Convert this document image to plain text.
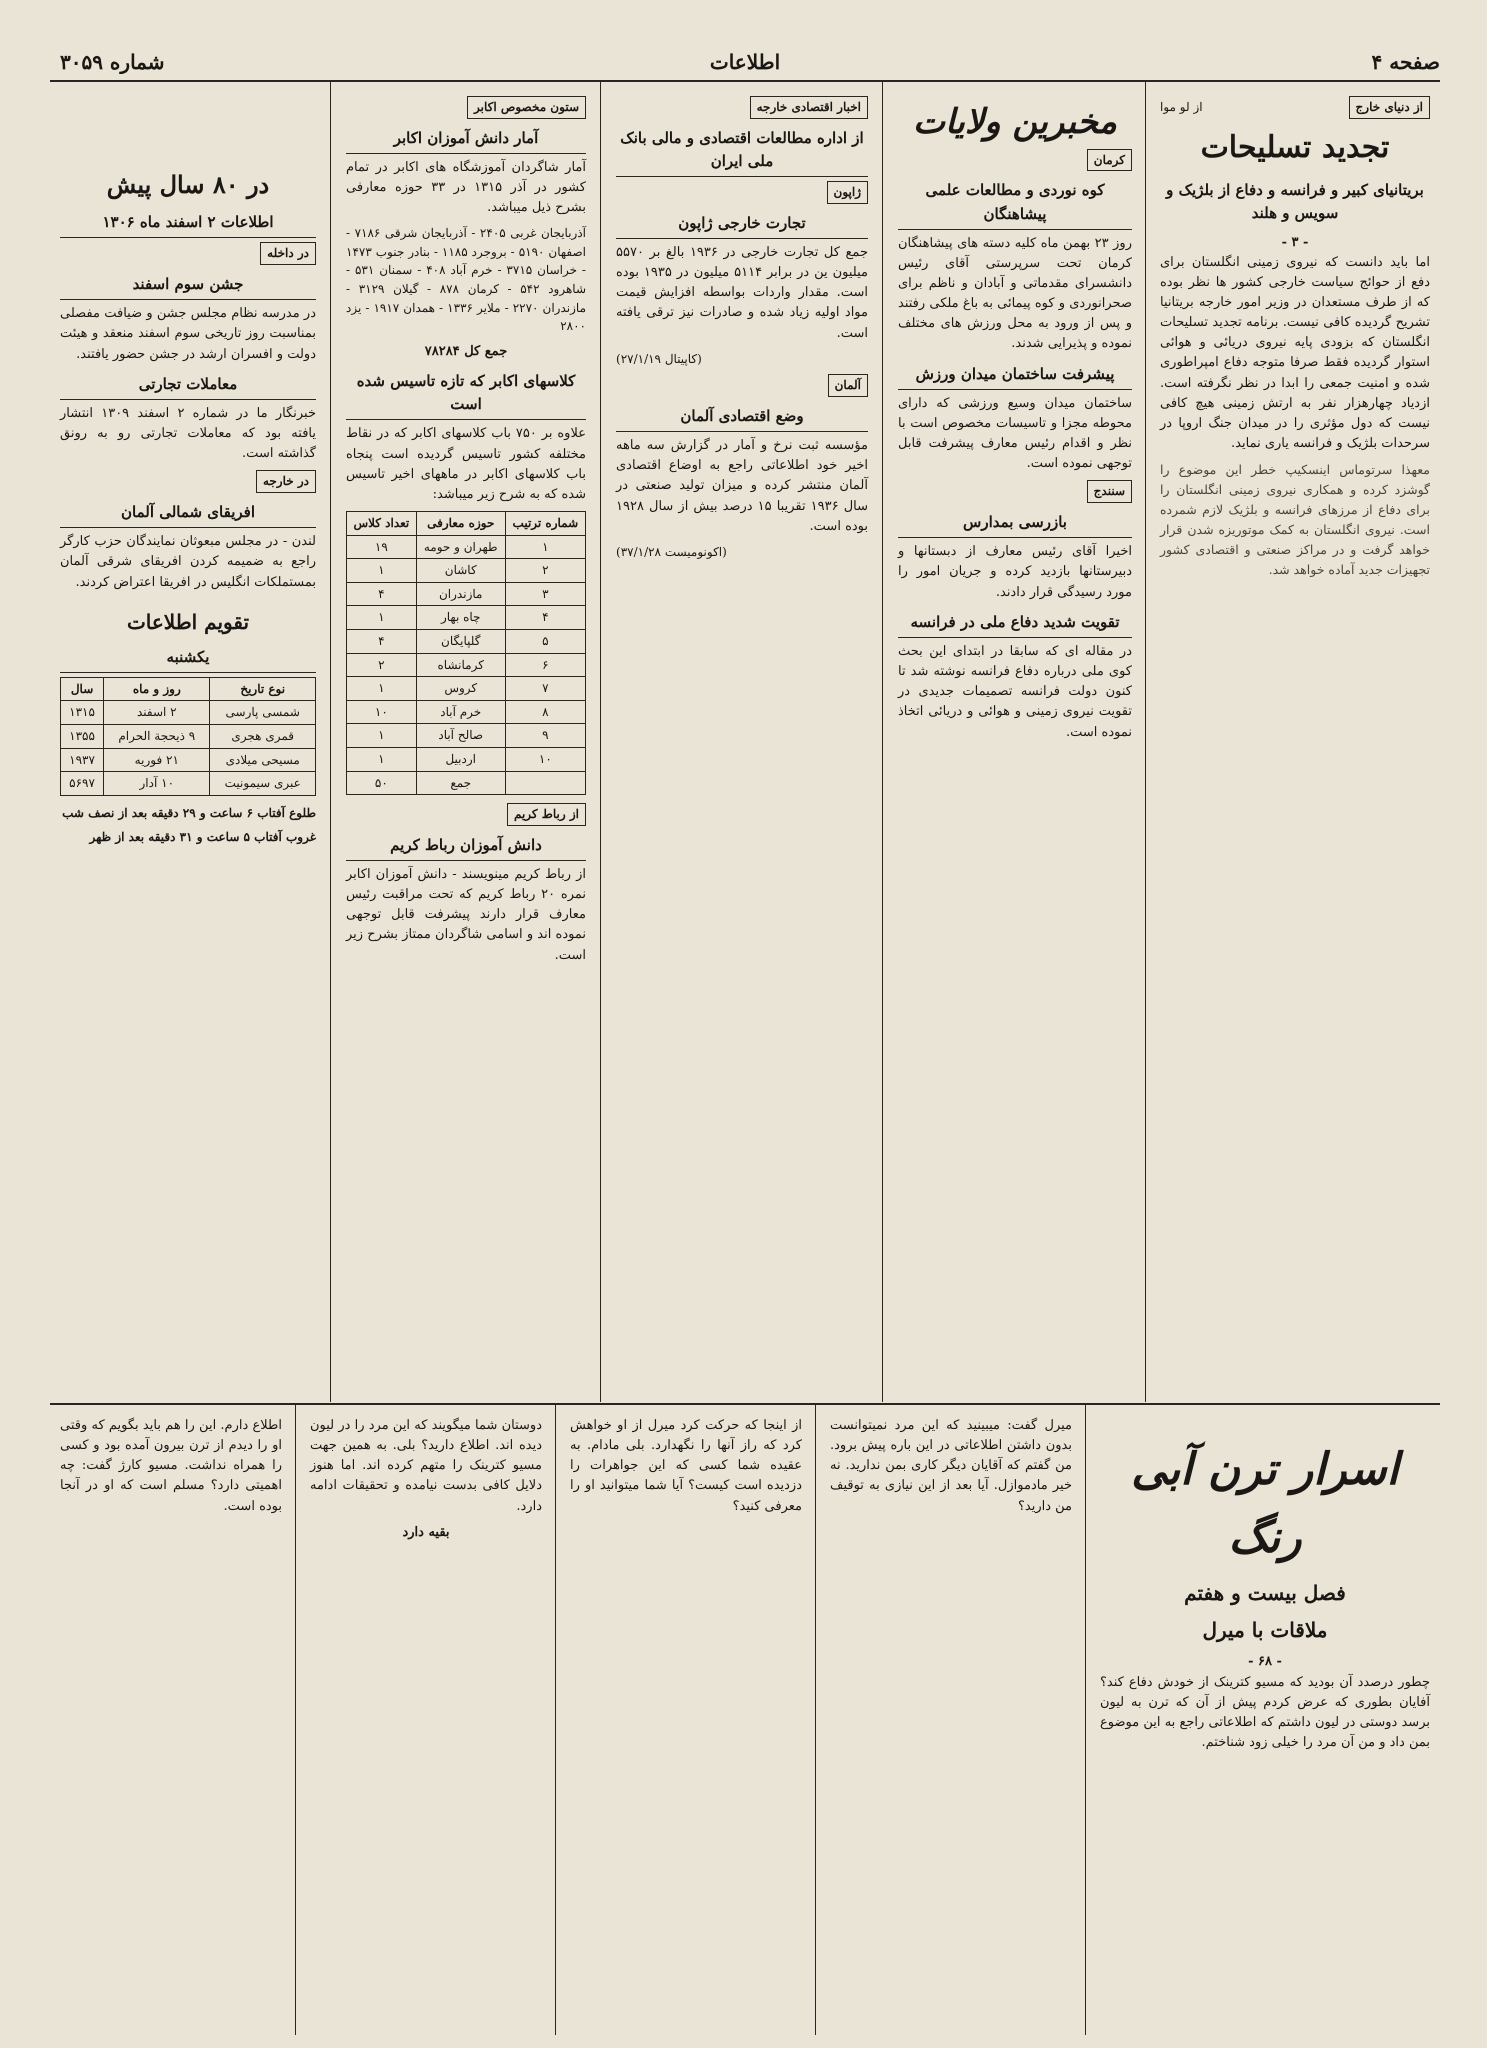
صفحه ۴
اطلاعات
شماره ۳۰۵۹
از دنیای خارج
از لو موا
تجدید تسلیحات
بریتانیای کبیر و فرانسه و دفاع از بلژیک و سویس و هلند
- ۳ -

اما باید دانست که نیروی زمینی انگلستان برای دفع از حوائج سیاست خارجی کشور ها نظر بوده که از طرف مستعدان در وزیر امور خارجه بریتانیا تشریح گردیده کافی نیست. برنامه تجدید تسلیحات انگلستان که بزودی پایه نیروی دریائی و هوائی استوار گردیده فقط صرفا متوجه دفاع امپراطوری شده و امنیت جمعی را ابدا در نظر نگرفته است. ازدیاد چهارهزار نفر به ارتش زمینی هیچ کافی نیست که دول مؤثری را در میدان جنگ اروپا در سرحدات بلژیک و فرانسه یاری نماید.

معهذا سرتوماس اینسکیپ خطر این موضوع را گوشزد کرده و همکاری نیروی زمینی انگلستان را برای دفاع از مرزهای فرانسه و بلژیک لازم شمرده است. نیروی انگلستان به کمک موتوریزه شدن قرار خواهد گرفت و در مراکز صنعتی و اقتصادی کشور تجهیزات جدید آماده خواهد شد.

مخبرین ولایات
کرمان
کوه نوردی و مطالعات علمی پیشاهنگان

روز ۲۳ بهمن ماه کلیه دسته های پیشاهنگان کرمان تحت سرپرستی آقای رئیس دانشسرای مقدماتی و آبادان و ناظم برای صحرانوردی و کوه پیمائی به باغ ملکی رفتند و پس از ورود به محل ورزش های مختلف نموده و پذیرایی شدند.

پیشرفت ساختمان میدان ورزش

ساختمان میدان وسیع ورزشی که دارای محوطه مجزا و تاسیسات مخصوص است با نظر و اقدام رئیس معارف پیشرفت قابل توجهی نموده است.

سنندج
بازرسی بمدارس

اخیرا آقای رئیس معارف از دبستانها و دبیرستانها بازدید کرده و جریان امور را مورد رسیدگی قرار دادند.

تقویت شدید دفاع ملی در فرانسه

در مقاله ای که سابقا در ابتدای این بحث کوی ملی درباره دفاع فرانسه نوشته شد تا کنون دولت فرانسه تصمیمات جدیدی در تقویت نیروی زمینی و هوائی و دریائی اتخاذ نموده است.

اخبار اقتصادی خارجه
از اداره مطالعات اقتصادی و مالی بانک ملی ایران
ژاپون
تجارت خارجی ژاپون

جمع کل تجارت خارجی در ۱۹۳۶ بالغ بر ۵۵۷۰ میلیون ین در برابر ۵۱۱۴ میلیون در ۱۹۳۵ بوده است. مقدار واردات بواسطه افزایش قیمت مواد اولیه زیاد شده و صادرات نیز ترقی یافته است.

(کاپیتال ۲۷/۱/۱۹)

آلمان
وضع اقتصادی آلمان

مؤسسه ثبت نرخ و آمار در گزارش سه ماهه اخیر خود اطلاعاتی راجع به اوضاع اقتصادی آلمان منتشر کرده و میزان تولید صنعتی در سال ۱۹۳۶ تقریبا ۱۵ درصد بیش از سال ۱۹۲۸ بوده است.

(اکونومیست ۳۷/۱/۲۸)

ستون مخصوص اکابر
آمار دانش آموزان اکابر

آمار شاگردان آموزشگاه های اکابر در تمام کشور در آذر ۱۳۱۵ در ۳۳ حوزه معارفی بشرح ذیل میباشد.

آذربایجان غربی ۲۴۰۵ - آذربایجان شرقی ۷۱۸۶ - اصفهان ۵۱۹۰ - بروجرد ۱۱۸۵ - بنادر جنوب ۱۴۷۳ - خراسان ۳۷۱۵ - خرم آباد ۴۰۸ - سمنان ۵۳۱ - شاهرود ۵۴۲ - کرمان ۸۷۸ - گیلان ۳۱۲۹ - مازندران ۲۲۷۰ - ملایر ۱۳۳۶ - همدان ۱۹۱۷ - یزد ۲۸۰۰

جمع کل ۷۸۲۸۴

کلاسهای اکابر که تازه تاسیس شده است

علاوه بر ۷۵۰ باب کلاسهای اکابر که در نقاط مختلفه کشور تاسیس گردیده است پنجاه باب کلاسهای اکابر در ماههای اخیر تاسیس شده که به شرح زیر میباشد:

شماره ترتیب	حوزه معارفی	تعداد کلاس
۱	طهران و حومه	۱۹
۲	کاشان	۱
۳	مازندران	۴
۴	چاه بهار	۱
۵	گلپایگان	۴
۶	کرمانشاه	۲
۷	کروس	۱
۸	خرم آباد	۱۰
۹	صالح آباد	۱
۱۰	اردبیل	۱
	جمع	۵۰
از رباط کریم
دانش آموزان رباط کریم

از رباط کریم مینویسند - دانش آموزان اکابر نمره ۲۰ رباط کریم که تحت مراقبت رئیس معارف قرار دارند پیشرفت قابل توجهی نموده اند و اسامی شاگردان ممتاز بشرح زیر است.

اسرار ترن آبی رنگ
فصل بیست و هفتم
ملاقات با میرل
- ۶۸ -

چطور درصدد آن بودید که مسیو کترینک از خودش دفاع کند؟ آفایان بطوری که عرض کردم پیش از آن که ترن به لیون برسد دوستی در لیون داشتم که اطلاعاتی راجع به این موضوع بمن داد و من آن مرد را خیلی زود شناختم.

میرل گفت: میبینید که این مرد نمیتوانست بدون داشتن اطلاعاتی در این باره پیش برود. من گفتم که آقایان دیگر کاری بمن ندارید. نه خیر مادموازل. آیا بعد از این نیازی به توقیف من دارید؟

از اینجا که حرکت کرد میرل از او خواهش کرد که راز آنها را نگهدارد. بلی مادام. به عقیده شما کسی که این جواهرات را دزدیده است کیست؟ آیا شما میتوانید او را معرفی کنید؟

دوستان شما میگویند که این مرد را در لیون دیده اند. اطلاع دارید؟ بلی. به همین جهت مسیو کترینک را متهم کرده اند. اما هنوز دلایل کافی بدست نیامده و تحقیقات ادامه دارد.

بقیه دارد

اطلاع دارم. این را هم باید بگویم که وقتی او را دیدم از ترن بیرون آمده بود و کسی را همراه نداشت. مسیو کارژ گفت: چه اهمیتی دارد؟ مسلم است که او در آنجا بوده است.

در ۸۰ سال پیش
اطلاعات ۲ اسفند ماه ۱۳۰۶
در داخله
جشن سوم اسفند

در مدرسه نظام مجلس جشن و ضیافت مفصلی بمناسبت روز تاریخی سوم اسفند منعقد و هیئت دولت و افسران ارشد در جشن حضور یافتند.

معاملات تجارتی

خبرنگار ما در شماره ۲ اسفند ۱۳۰۹ انتشار یافته بود که معاملات تجارتی رو به رونق گذاشته است.

در خارجه
افریقای شمالی آلمان

لندن - در مجلس مبعوثان نمایندگان حزب کارگر راجع به ضمیمه کردن افریقای شرقی آلمان بمستملکات انگلیس در افریقا اعتراض کردند.

تقویم اطلاعات
یکشنبه
نوع تاریخ	روز و ماه	سال
شمسی پارسی	۲ اسفند	۱۳۱۵
قمری هجری	۹ ذیحجة الحرام	۱۳۵۵
مسیحی میلادی	۲۱ فوریه	۱۹۳۷
عبری سیمونیت	۱۰ آدار	۵۶۹۷

طلوع آفتاب ۶ ساعت و ۲۹ دقیقه بعد از نصف شب

غروب آفتاب ۵ ساعت و ۳۱ دقیقه بعد از ظهر
